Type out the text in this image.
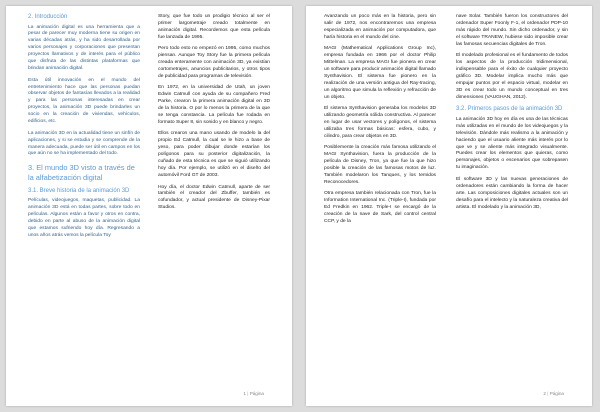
2. Introducción

La animación digital es una herramienta que a pesar de parecer muy moderna tiene su origen en varias décadas atrás, y ha sido desarrollada por varios personajes y corporaciones que presentan proyectos llamativos y de interés para el público que disfruta de las distintas plataformas que brindan animación digital.

Esta útil innovación en el mundo del entretenimiento hace que las personas puedan observar objetos de fantasías llevados a la realidad y para las personas interesadas en crear proyectos, la animación 3D puede brindarles un socio en la creación de viviendas, vehículos, edificios, etc.

La animación 3D en la actualidad tiene un sinfín de aplicaciones, y si se estudia y se comprende de la manera adecuada, puede ser útil en campos en los que aún no se ha implementado del todo.

3. El mundo 3D visto a través de la alfabetización digital

3.1. Breve historia de la animación 3D

Películas, videojuegos, maquetas, publicidad. La animación 3D está en todas partes, sobre todo en películas. Algunos están a favor y otros en contra, debido en parte al abuso de la animación digital que estamos sufriendo hoy día. Regresando a unos años atrás vemos la película Toy

Story, que fue todo un prodigio técnico al ser el primer largometraje creado totalmente en animación digital. Recordemos que esta película fue lanzada de 1995.

Pero todo esto no empezó en 1995, como muchos piensan. Aunque Toy Story fue la primera película creada enteramente con animación 3D, ya existían cortometrajes, anuncios publicitarios, y otros tipos de publicidad para programas de televisión.

En 1972, en la universidad de Utah, un joven Edwin Catmull con ayuda de su compañero Fred Parke, crearon la primera animación digital en 3D de la historia. O por lo menos la primera de la que se tenga constancia. La película fue rodada en formato Super 8, sin sonido y en blanco y negro.

Ellos crearon una mano usando de modelo la del propio Ed Catmull, la cual se le hizo a base de yeso, para poder dibujar donde estarían los polígonos para su posterior digitalización, la cuñado de esta técnica es que se siguió utilizando hoy día. Por ejemplo, se utilizó en el diseño del automóvil Ford GT de 2003.

Hoy día, el doctor Edwin Catmull, aparte de ser también el creador del Zbuffer, también es cofundador, y actual presidente de Disney-Pixar Studios.

1 | Página

Avanzando un poco más en la historia, pero sin salir de 1972, nos encontraremos una empresa especializada en animación por computadora, que haría historia en el mundo del cine.

MAGI (Mathematical Applications Group Inc), empresa fundada en 1966 por el doctor Philip Mittelman. La empresa MAGI fue pionera en crear un software para producir animación digital llamado Synthavision. El sistema fue pionero en la realización de una versión antigua del Ray-tracing, un algoritmo que simula la reflexión y refracción de un objeto.

El sistema Synthavision generaba los modelos 3D utilizando geometría sólida constructiva. Al parecer en lugar de usar vectores y polígonos, el sistema utilizaba tres formas básicas: esfera, cubo, y cilindro, para crear objetos en 3D.

Posiblemente la creación más famosa utilizando el MAGI Synthavision, fuera la producción de la película de Disney, Tron, ya que fue la que hizo posible la creación de las famosas motos de luz. También modelaron los Tanques, y los temidos Reconocedores.

Otra empresa también relacionada con Tron, fue la Information International Inc. (Triple-I), fundada por Ed Fredkin en 1962. Triple-I se encargó de la creación de la nave de Sark, del control central CCP, y de la

nave Solar. También fueron los constructores del ordenador Super Foonly F-1, el ordenador PDP-10 más rápido del mundo. Sin dicho ordenador, y sin el software TRANEW, hubiese sido imposible crear las famosas secuencias digitales de Tron.

El modelado profesional es el fundamento de todos los aspectos de la producción tridimensional, indispensable para el éxito de cualquier proyecto gráfico 3D. Modelar implica mucho más que empujar puntos por el espacio virtual, modelar en 3D es crear todo un mundo conceptual en tres dimensiones (VAUGHAN, 2012).

3.2. Primeros pasos de la animación 3D

La animación 3D hoy en día es una de las técnicas más utilizadas en el mundo de los videojuegos y la televisión. Dándole más realismo a la animación y haciendo que el usuario aliente más interés por lo que ve y se aliente más integrado visualmente. Puedes crear los elementos que quieras, como personajes, objetos o escenarios que sobrepasen tu imaginación.

El software 3D y las nuevas generaciones de ordenadores están cambiando la forma de hacer arte. Las composiciones digitales actuales son un desafío para el intelecto y la naturaleza creativa del artista. El modelado y la animación 3D,

2 | Página
